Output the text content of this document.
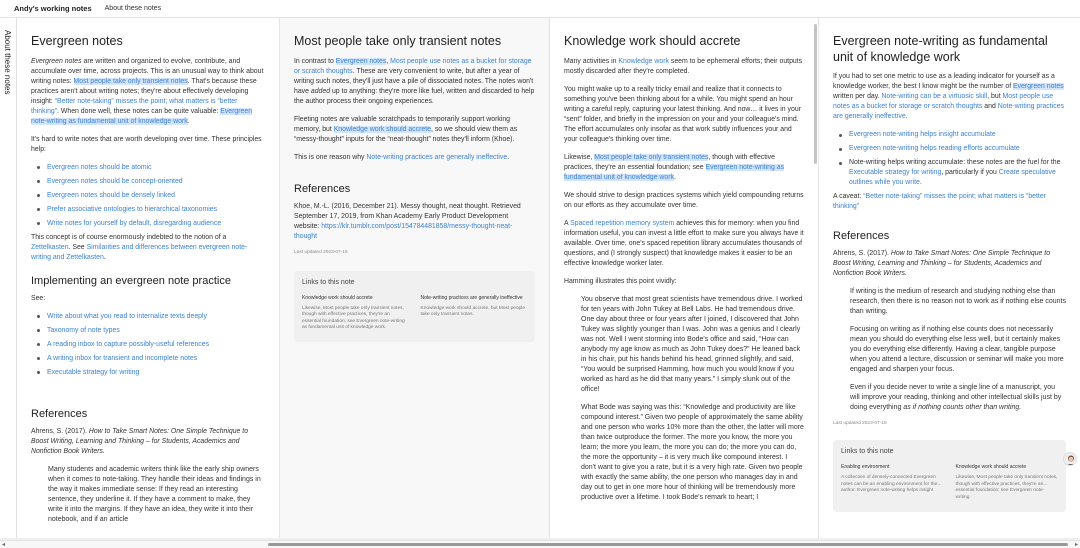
Andy's working notes About these notes
About these notes Evergreen notes

Evergreen notes are written and organized to evolve, contribute, and accumulate over time, across projects. This is an unusual way to think about writing notes: Most people take only transient notes. That's because these practices aren't about writing notes; they're about effectively developing insight: “Better note-taking” misses the point; what matters is “better thinking”. When done well, these notes can be quite valuable: Evergreen note-writing as fundamental unit of knowledge work.

It's hard to write notes that are worth developing over time. These principles help:

Evergreen notes should be atomic
Evergreen notes should be concept-oriented
Evergreen notes should be densely linked
Prefer associative ontologies to hierarchical taxonomies
Write notes for yourself by default, disregarding audience

This concept is of course enormously indebted to the notion of a Zettelkasten. See Similarities and differences between evergreen note-writing and Zettelkasten.

Implementing an evergreen note practice

See:

Write about what you read to internalize texts deeply
Taxonomy of note types
A reading inbox to capture possibly-useful references
A writing inbox for transient and incomplete notes
Executable strategy for writing
References

Ahrens, S. (2017). How to Take Smart Notes: One Simple Technique to Boost Writing, Learning and Thinking – for Students, Academics and Nonfiction Book Writers.

Many students and academic writers think like the early ship owners when it comes to note-taking. They handle their ideas and findings in the way it makes immediate sense: If they read an interesting sentence, they underline it. If they have a comment to make, they write it into the margins. If they have an idea, they write it into their notebook, and if an article

Most people take only transient notes

In contrast to Evergreen notes, Most people use notes as a bucket for storage or scratch thoughts. These are very convenient to write, but after a year of writing such notes, they'll just have a pile of dissociated notes. The notes won't have added up to anything: they're more like fuel, written and discarded to help the author process their ongoing experiences.

Fleeting notes are valuable scratchpads to temporarily support working memory, but Knowledge work should accrete, so we should view them as “messy-thought” inputs for the “neat-thought” notes they'll inform (Khoe).

This is one reason why Note-writing practices are generally ineffective.

References

Khoe, M.-L. (2016, December 21). Messy thought, neat thought. Retrieved September 17, 2019, from Khan Academy Early Product Development website: https://klr.tumblr.com/post/154784481858/messy-thought-neat-thought

Last updated 2023-07-15
Links to this note
Knowledge work should accrete
Likewise, Most people take only transient notes, though with effective practices, they're an essential foundation; see Evergreen note-writing as fundamental unit of knowledge work.
Note-writing practices are generally ineffective
Knowledge work should accrete, but Most people take only transient notes.
Knowledge work should accrete

Many activities in Knowledge work seem to be ephemeral efforts; their outputs mostly discarded after they're completed.

You might wake up to a really tricky email and realize that it connects to something you've been thinking about for a while. You might spend an hour writing a careful reply, capturing your latest thinking. And now… it lives in your “sent” folder, and briefly in the impression on your and your colleague's mind. The effort accumulates only insofar as that work subtly influences your and your colleague's thinking over time.

Likewise, Most people take only transient notes, though with effective practices, they're an essential foundation; see Evergreen note-writing as fundamental unit of knowledge work.

We should strive to design practices systems which yield compounding returns on our efforts as they accumulate over time.

A Spaced repetition memory system achieves this for memory: when you find information useful, you can invest a little effort to make sure you always have it available. Over time, one's spaced repetition library accumulates thousands of questions, and (I strongly suspect) that knowledge makes it easier to be an effective knowledge worker later.

Hamming illustrates this point vividly:

You observe that most great scientists have tremendous drive. I worked for ten years with John Tukey at Bell Labs. He had tremendous drive. One day about three or four years after I joined, I discovered that John Tukey was slightly younger than I was. John was a genius and I clearly was not. Well I went storming into Bode's office and said, “How can anybody my age know as much as John Tukey does?” He leaned back in his chair, put his hands behind his head, grinned slightly, and said, “You would be surprised Hamming, how much you would know if you worked as hard as he did that many years.” I simply slunk out of the office!

What Bode was saying was this: “Knowledge and productivity are like compound interest.” Given two people of approximately the same ability and one person who works 10% more than the other, the latter will more than twice outproduce the former. The more you know, the more you learn; the more you learn, the more you can do; the more you can do, the more the opportunity – it is very much like compound interest. I don't want to give you a rate, but it is a very high rate. Given two people with exactly the same ability, the one person who manages day in and day out to get in one more hour of thinking will be tremendously more productive over a lifetime. I took Bode's remark to heart; I

Evergreen note-writing as fundamental unit of knowledge work

If you had to set one metric to use as a leading indicator for yourself as a knowledge worker, the best I know might be the number of Evergreen notes written per day. Note-writing can be a virtuosic skill, but Most people use notes as a bucket for storage or scratch thoughts and Note-writing practices are generally ineffective.

Evergreen note-writing helps insight accumulate
Evergreen note-writing helps reading efforts accumulate
Note-writing helps writing accumulate: these notes are the fuel for the Executable strategy for writing, particularly if you Create speculative outlines while you write.

A caveat: “Better note-taking” misses the point; what matters is “better thinking”

References

Ahrens, S. (2017). How to Take Smart Notes: One Simple Technique to Boost Writing, Learning and Thinking – for Students, Academics and Nonfiction Book Writers.

If writing is the medium of research and studying nothing else than research, then there is no reason not to work as if nothing else counts than writing.

Focusing on writing as if nothing else counts does not necessarily mean you should do everything else less well, but it certainly makes you do everything else differently. Having a clear, tangible purpose when you attend a lecture, discussion or seminar will make you more engaged and sharpen your focus.

Even if you decide never to write a single line of a manuscript, you will improve your reading, thinking and other intellectual skills just by doing everything as if nothing counts other than writing.

Last updated 2023-07-15
Links to this note
Enabling environment
A collection of densely-connected Evergreen notes can be an enabling environment for the... author. Evergreen note-writing helps insight
Knowledge work should accrete
Likewise, Most people take only transient notes, though with effective practices, they're an... essential foundation; see Evergreen note-writing
◂	▸
